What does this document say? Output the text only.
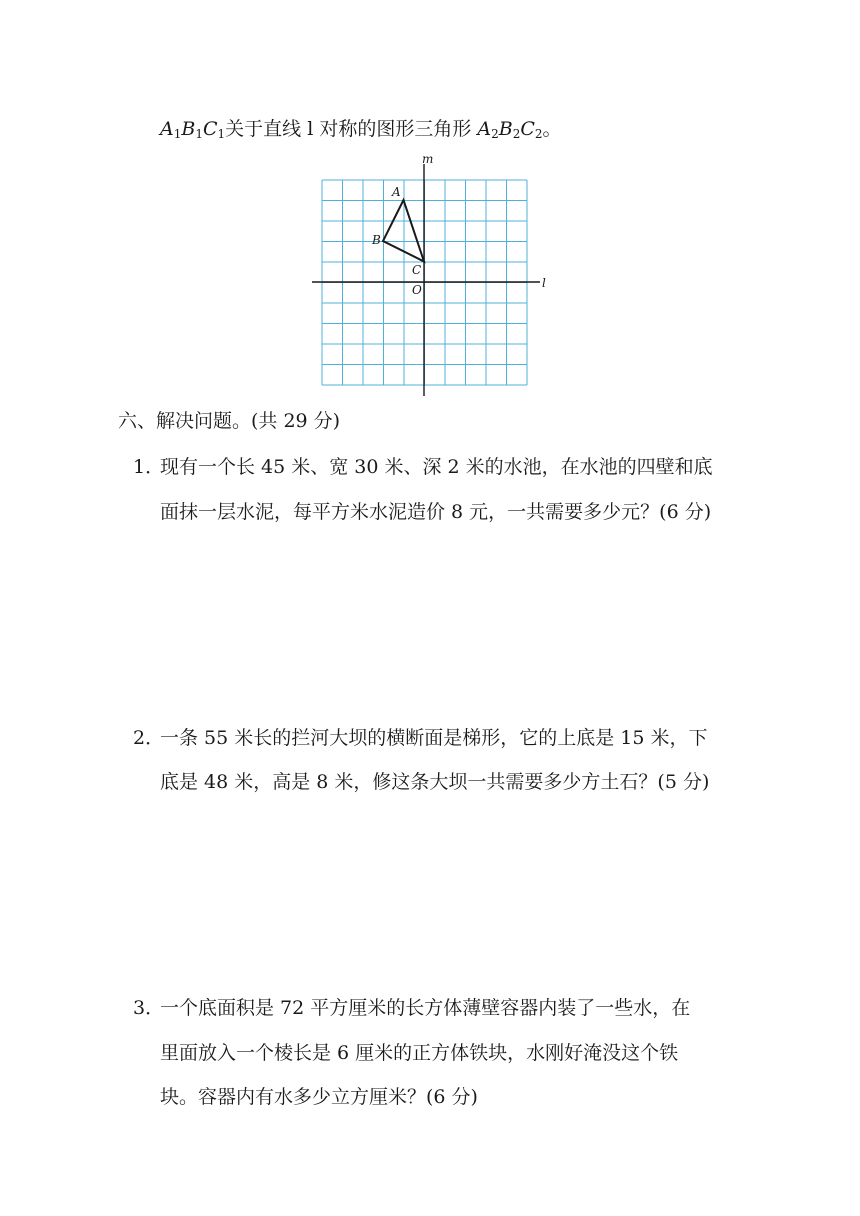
$A_1B_1C_1$关于直线 l 对称的图形三角形 $A_2B_2C_2$。
m
l
O
A
B
C
六、解决问题。(共 29 分)
1．
现有一个长 45 米、宽 30 米、深 2 米的水池，在水池的四壁和底
面抹一层水泥，每平方米水泥造价 8 元，一共需要多少元？(6 分)
2．
一条 55 米长的拦河大坝的横断面是梯形，它的上底是 15 米，下
底是 48 米，高是 8 米，修这条大坝一共需要多少方土石？(5 分)
3．
一个底面积是 72 平方厘米的长方体薄壁容器内装了一些水，在
里面放入一个棱长是 6 厘米的正方体铁块，水刚好淹没这个铁
块。容器内有水多少立方厘米？(6 分)
